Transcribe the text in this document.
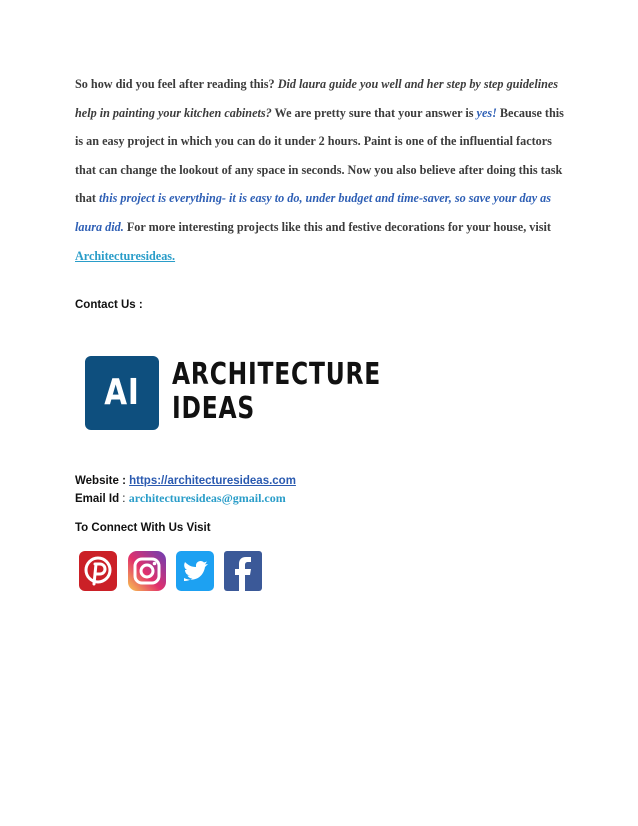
So how did you feel after reading this? Did laura guide you well and her step by step guidelines help in painting your kitchen cabinets? We are pretty sure that your answer is yes! Because this is an easy project in which you can do it under 2 hours. Paint is one of the influential factors that can change the lookout of any space in seconds. Now you also believe after doing this task that this project is everything- it is easy to do, under budget and time-saver, so save your day as laura did. For more interesting projects like this and festive decorations for your house, visit Architecturesideas.
Contact Us :
AI	ARCHITECTURE
IDEAS
Website : https://architecturesideas.com
Email Id : architecturesideas@gmail.com
To Connect With Us Visit
